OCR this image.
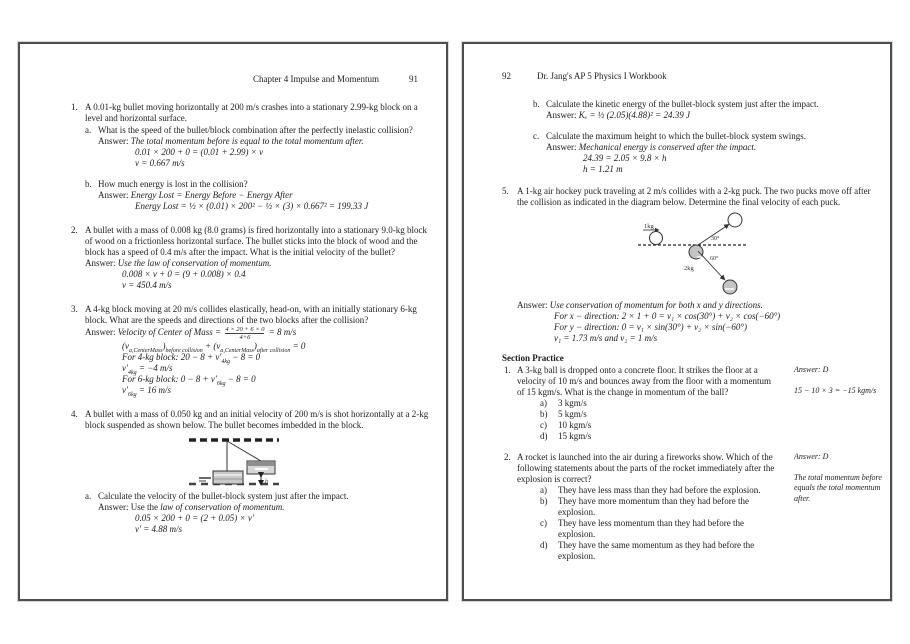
Chapter 4 Impulse and Momentum	91
1. A 0.01-kg bullet moving horizontally at 200 m/s crashes into a stationary 2.99-kg block on a level and horizontal surface.
a. What is the speed of the bullet/block combination after the perfectly inelastic collision?
Answer: The total momentum before is equal to the total momentum after.
0.01 × 200 + 0 = (0.01 + 2.99) × v
v = 0.667 m/s
b. How much energy is lost in the collision?
Answer: Energy Lost = Energy Before − Energy After
Energy Lost = ½ × (0.01) × 200² − ½ × (3) × 0.667² = 199.33 J
2. A bullet with a mass of 0.008 kg (8.0 grams) is fired horizontally into a stationary 9.0-kg block of wood on a frictionless horizontal surface. The bullet sticks into the block of wood and the block has a speed of 0.4 m/s after the impact. What is the initial velocity of the bullet?
Answer: Use the law of conservation of momentum.
0.008 × v + 0 = (9 + 0.008) × 0.4
v = 450.4 m/s
3. A 4-kg block moving at 20 m/s collides elastically, head-on, with an initially stationary 6-kg block. What are the speeds and directions of the two blocks after the collision?
Answer: Velocity of Center of Mass = $\frac{4 \times 20 + 6 \times 0}{4+6} = 8$ m/s
$(v_{a,CenterMass})_{before collision} + (v_{a,CenterMass})_{after collision} = 0$
For 4-kg block: $20 - 8 + v'_{4kg} - 8 = 0$
$v'_{4kg} = -4$ m/s
For 6-kg block: $0 - 8 + v'_{6kg} - 8 = 0$
$v'_{6kg} = 16$ m/s
4. A bullet with a mass of 0.050 kg and an initial velocity of 200 m/s is shot horizontally at a 2-kg block suspended as shown below. The bullet becomes imbedded in the block.
h
a. Calculate the velocity of the bullet-block system just after the impact.
Answer: Use the law of conservation of momentum.
0.05 × 200 + 0 = (2 + 0.05) × v′
v′ = 4.88 m/s
92	Dr. Jang's AP 5 Physics I Workbook
b. Calculate the kinetic energy of the bullet-block system just after the impact.
Answer: Kₑ = ½ (2.05)(4.88)² = 24.39 J
c. Calculate the maximum height to which the bullet-block system swings.
Answer: Mechanical energy is conserved after the impact.
24.39 = 2.05 × 9.8 × h
h = 1.21 m
5. A 1-kg air hockey puck traveling at 2 m/s collides with a 2-kg puck. The two pucks move off after the collision as indicated in the diagram below. Determine the final velocity of each puck.
1kg
2kg
30°
60°
Answer: Use conservation of momentum for both x and y directions.
For x − direction: 2 × 1 + 0 = v₁ × cos(30°) + v₂ × cos(−60°)
For y − direction: 0 = v₁ × sin(30°) + v₂ × sin(−60°)
v₁ = 1.73 m/s and v₂ = 1 m/s
Section Practice
1. A 3-kg ball is dropped onto a concrete floor. It strikes the floor at a velocity of 10 m/s and bounces away from the floor with a momentum of 15 kgm/s. What is the change in momentum of the ball?
a)	3 kgm/s
b)	5 kgm/s
c)	10 kgm/s
d)	15 kgm/s
Answer: D
15 − 10 × 3 = −15 kgm/s
2. A rocket is launched into the air during a fireworks show. Which of the following statements about the parts of the rocket immediately after the explosion is correct?
a)	They have less mass than they had before the explosion.
b)	They have more momentum than they had before the explosion.
c)	They have less momentum than they had before the explosion.
d)	They have the same momentum as they had before the explosion.
Answer: D
The total momentum before equals the total momentum after.
